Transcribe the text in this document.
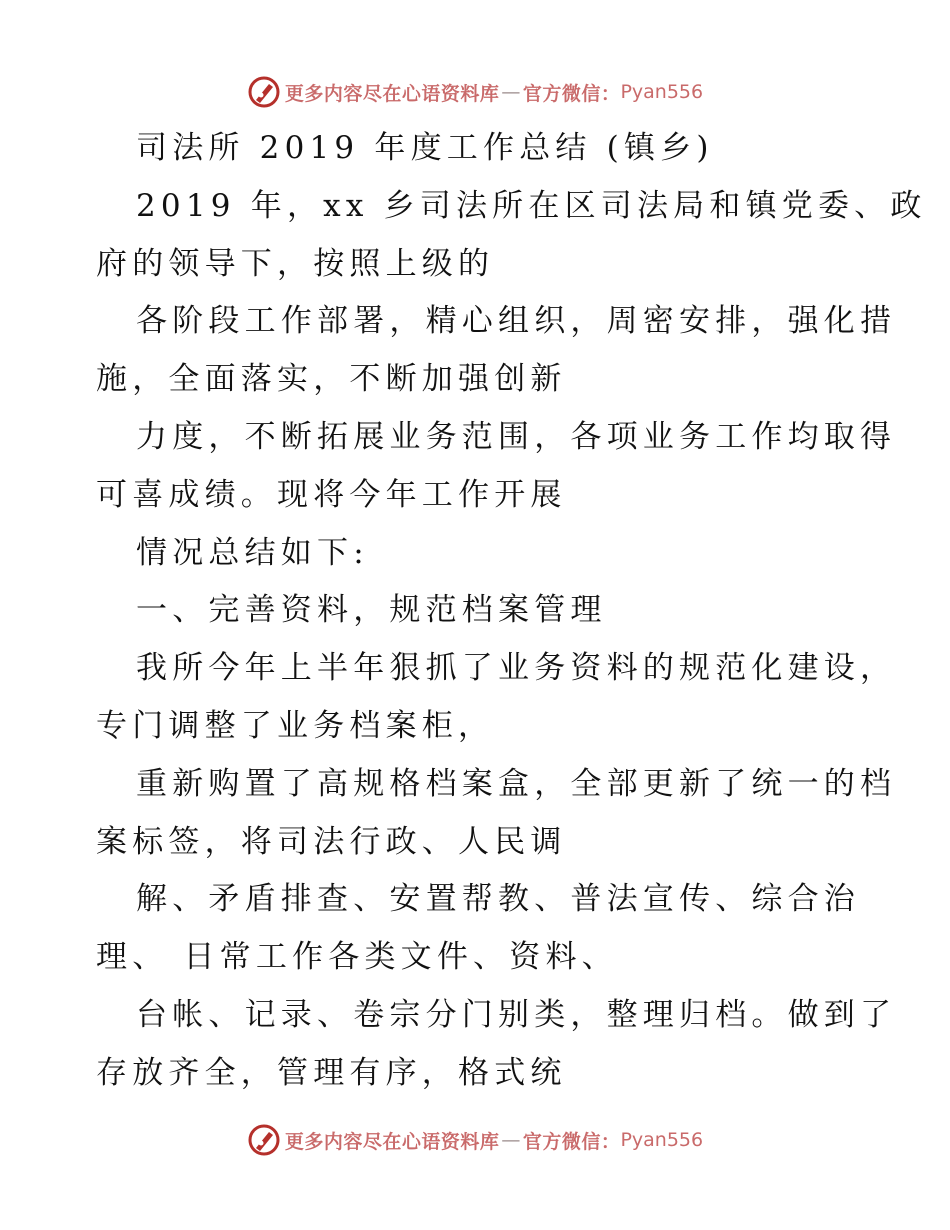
更多内容尽在心语资料库 — 官方微信： Pyan556
司法所 2019 年度工作总结 (镇乡)
2019 年，xx 乡司法所在区司法局和镇党委、政
府的领导下，按照上级的
各阶段工作部署，精心组织，周密安排，强化措
施，全面落实，不断加强创新
力度，不断拓展业务范围，各项业务工作均取得
可喜成绩。现将今年工作开展
情况总结如下:
一、完善资料，规范档案管理
我所今年上半年狠抓了业务资料的规范化建设，
专门调整了业务档案柜，
重新购置了高规格档案盒，全部更新了统一的档
案标签，将司法行政、人民调
解、矛盾排查、安置帮教、普法宣传、综合治
理、 日常工作各类文件、资料、
台帐、记录、卷宗分门别类，整理归档。做到了
存放齐全，管理有序，格式统
更多内容尽在心语资料库 — 官方微信： Pyan556
